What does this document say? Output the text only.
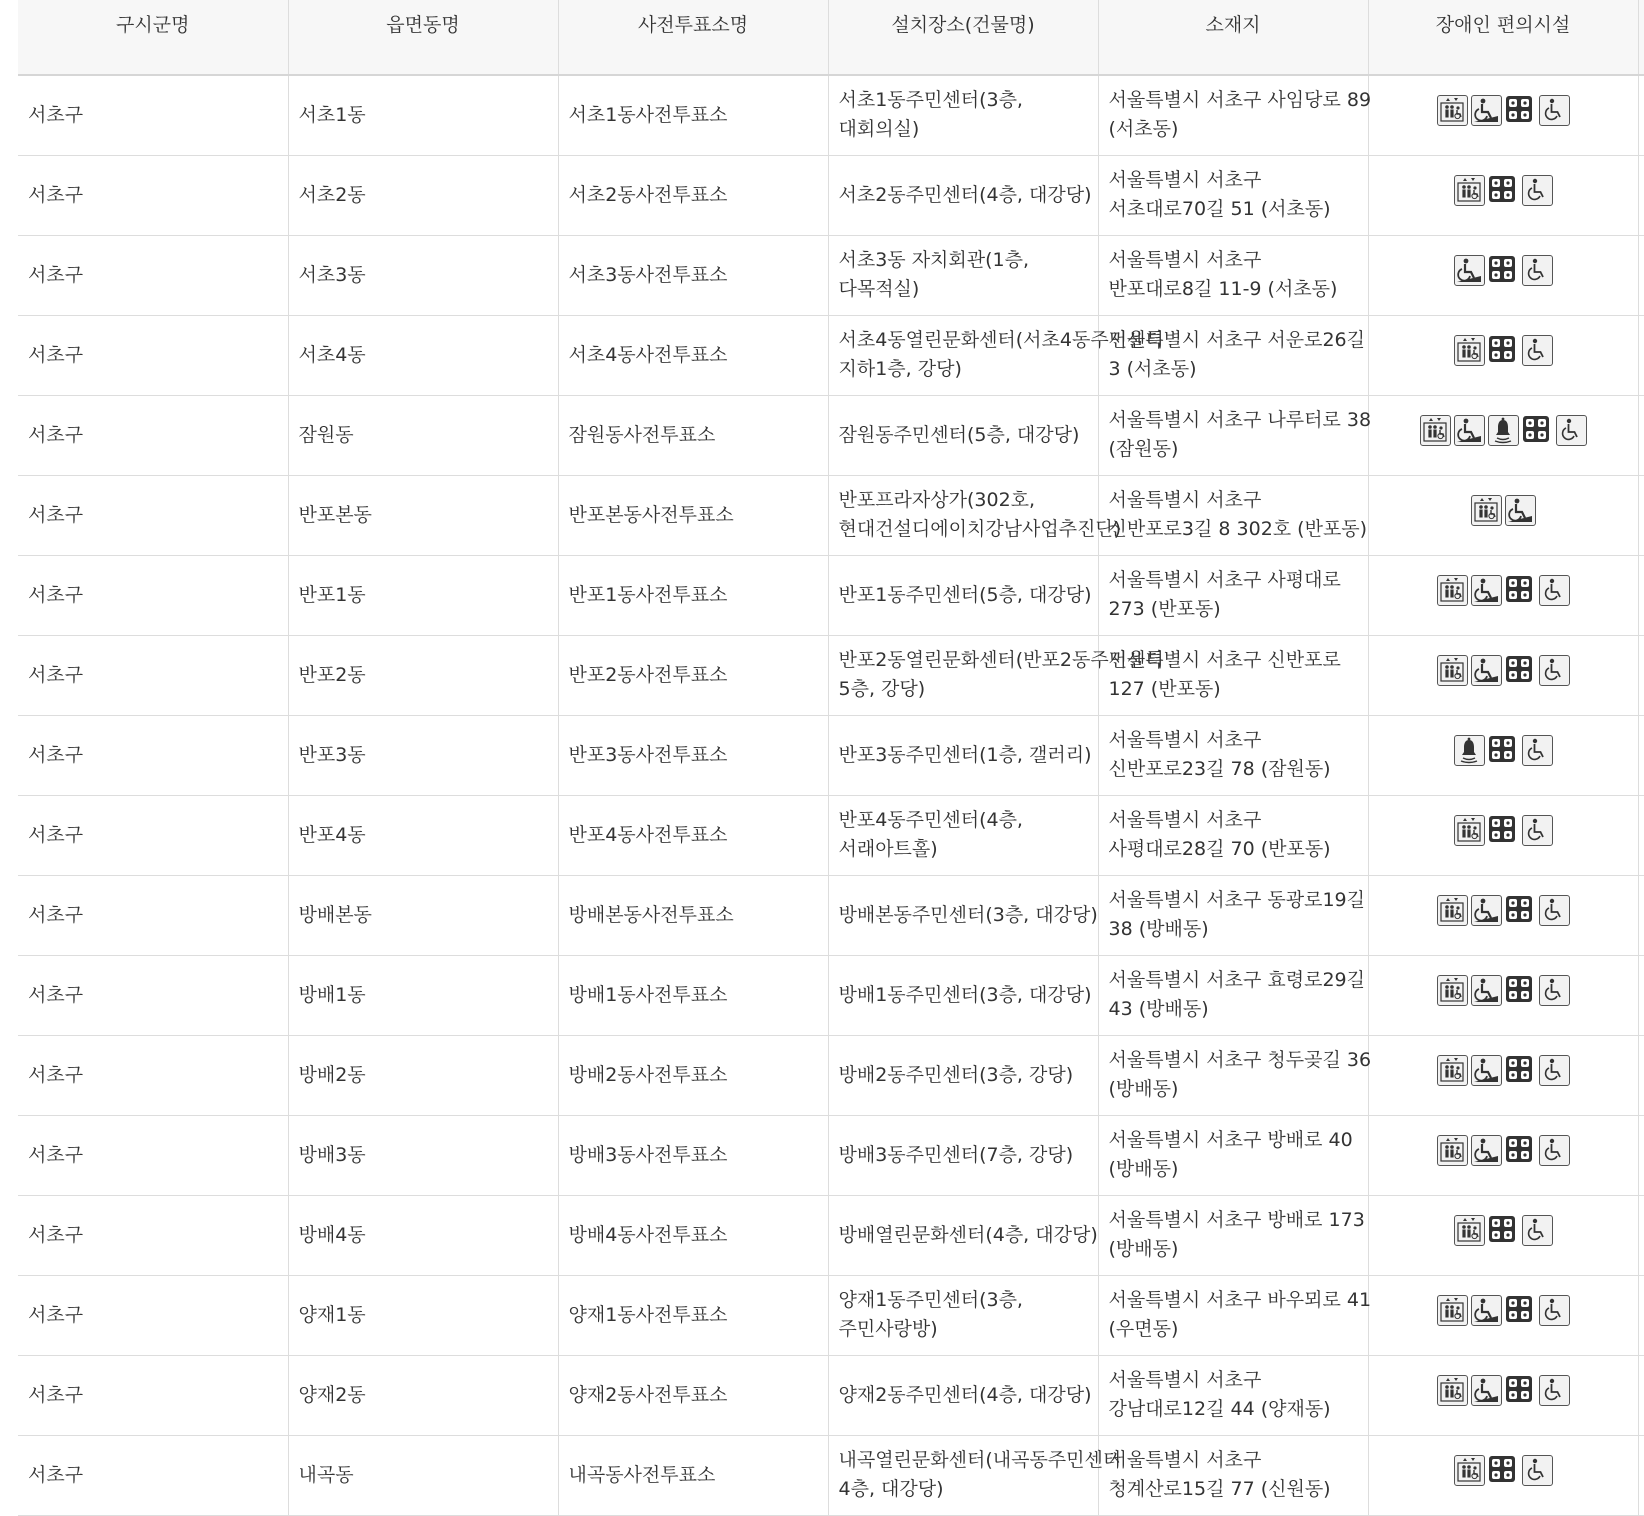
구시군명	읍면동명	사전투표소명	설치장소(건물명)	소재지	장애인 편의시설	
서초구	서초1동	서초1동사전투표소	서초1동주민센터(3층,
대회의실)	서울특별시 서초구 사임당로 89
(서초동)

서초구	서초2동	서초2동사전투표소	서초2동주민센터(4층, 대강당)	서울특별시 서초구
서초대로70길 51 (서초동)

서초구	서초3동	서초3동사전투표소	서초3동 자치회관(1층,
다목적실)	서울특별시 서초구
반포대로8길 11-9 (서초동)

서초구	서초4동	서초4동사전투표소	서초4동열린문화센터(서초4동주민센터
지하1층, 강당)	서울특별시 서초구 서운로26길
3 (서초동)

서초구	잠원동	잠원동사전투표소	잠원동주민센터(5층, 대강당)	서울특별시 서초구 나루터로 38
(잠원동)

서초구	반포본동	반포본동사전투표소	반포프라자상가(302호,
현대건설디에이치강남사업추진단)	서울특별시 서초구
신반포로3길 8 302호 (반포동)

서초구	반포1동	반포1동사전투표소	반포1동주민센터(5층, 대강당)	서울특별시 서초구 사평대로
273 (반포동)

서초구	반포2동	반포2동사전투표소	반포2동열린문화센터(반포2동주민센터
5층, 강당)	서울특별시 서초구 신반포로
127 (반포동)

서초구	반포3동	반포3동사전투표소	반포3동주민센터(1층, 갤러리)	서울특별시 서초구
신반포로23길 78 (잠원동)

서초구	반포4동	반포4동사전투표소	반포4동주민센터(4층,
서래아트홀)	서울특별시 서초구
사평대로28길 70 (반포동)

서초구	방배본동	방배본동사전투표소	방배본동주민센터(3층, 대강당)	서울특별시 서초구 동광로19길
38 (방배동)

서초구	방배1동	방배1동사전투표소	방배1동주민센터(3층, 대강당)	서울특별시 서초구 효령로29길
43 (방배동)

서초구	방배2동	방배2동사전투표소	방배2동주민센터(3층, 강당)	서울특별시 서초구 청두곶길 36
(방배동)

서초구	방배3동	방배3동사전투표소	방배3동주민센터(7층, 강당)	서울특별시 서초구 방배로 40
(방배동)

서초구	방배4동	방배4동사전투표소	방배열린문화센터(4층, 대강당)	서울특별시 서초구 방배로 173
(방배동)

서초구	양재1동	양재1동사전투표소	양재1동주민센터(3층,
주민사랑방)	서울특별시 서초구 바우뫼로 41
(우면동)

서초구	양재2동	양재2동사전투표소	양재2동주민센터(4층, 대강당)	서울특별시 서초구
강남대로12길 44 (양재동)

서초구	내곡동	내곡동사전투표소	내곡열린문화센터(내곡동주민센터
4층, 대강당)	서울특별시 서초구
청계산로15길 77 (신원동)
